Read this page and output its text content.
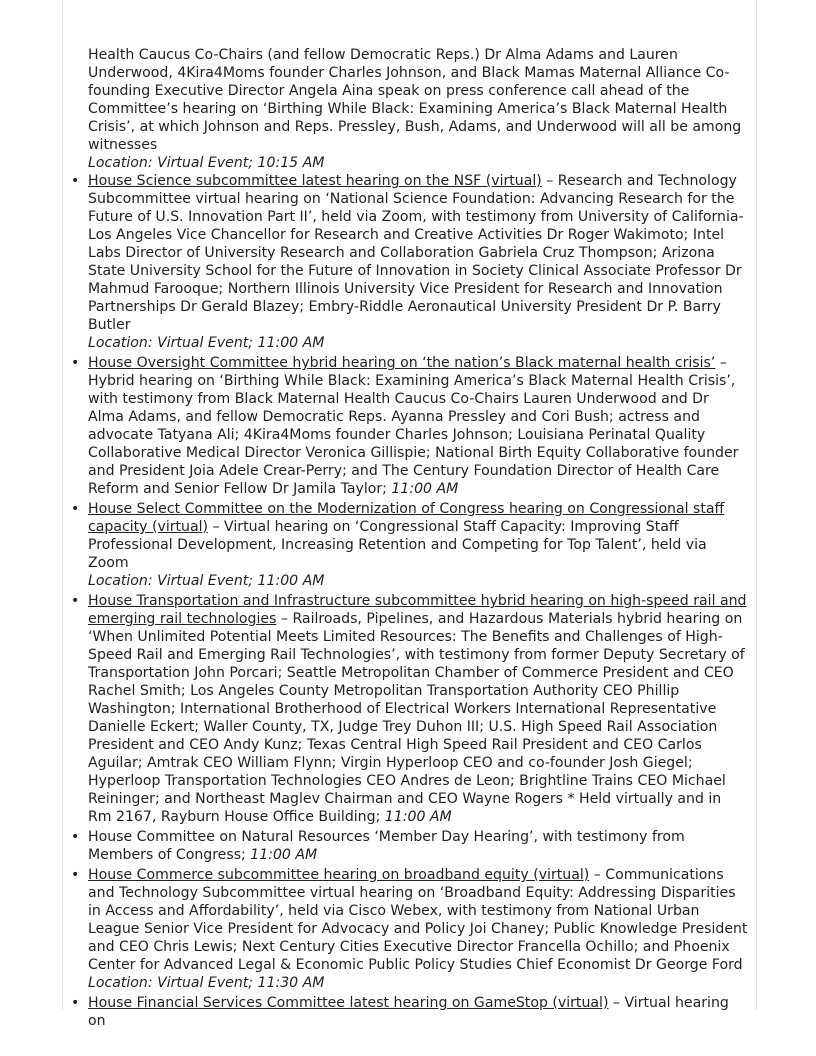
Health Caucus Co-Chairs (and fellow Democratic Reps.) Dr Alma Adams and Lauren Underwood, 4Kira4Moms founder Charles Johnson, and Black Mamas Maternal Alliance Co-founding Executive Director Angela Aina speak on press conference call ahead of the Committee’s hearing on ‘Birthing While Black: Examining America’s Black Maternal Health Crisis’, at which Johnson and Reps. Pressley, Bush, Adams, and Underwood will all be among witnesses

Location: Virtual Event; 10:15 AM

• House Science subcommittee latest hearing on the NSF (virtual) – Research and Technology Subcommittee virtual hearing on ‘National Science Foundation: Advancing Research for the Future of U.S. Innovation Part II’, held via Zoom, with testimony from University of California-Los Angeles Vice Chancellor for Research and Creative Activities Dr Roger Wakimoto; Intel Labs Director of University Research and Collaboration Gabriela Cruz Thompson; Arizona State University School for the Future of Innovation in Society Clinical Associate Professor Dr Mahmud Farooque; Northern Illinois University Vice President for Research and Innovation Partnerships Dr Gerald Blazey; Embry-Riddle Aeronautical University President Dr P. Barry Butler

Location: Virtual Event; 11:00 AM

• House Oversight Committee hybrid hearing on ‘the nation’s Black maternal health crisis’ – Hybrid hearing on ‘Birthing While Black: Examining America’s Black Maternal Health Crisis’, with testimony from Black Maternal Health Caucus Co-Chairs Lauren Underwood and Dr Alma Adams, and fellow Democratic Reps. Ayanna Pressley and Cori Bush; actress and advocate Tatyana Ali; 4Kira4Moms founder Charles Johnson; Louisiana Perinatal Quality Collaborative Medical Director Veronica Gillispie; National Birth Equity Collaborative founder and President Joia Adele Crear-Perry; and The Century Foundation Director of Health Care Reform and Senior Fellow Dr Jamila Taylor; 11:00 AM
• House Select Committee on the Modernization of Congress hearing on Congressional staff capacity (virtual) – Virtual hearing on ‘Congressional Staff Capacity: Improving Staff Professional Development, Increasing Retention and Competing for Top Talent’, held via Zoom

Location: Virtual Event; 11:00 AM

• House Transportation and Infrastructure subcommittee hybrid hearing on high-speed rail and emerging rail technologies – Railroads, Pipelines, and Hazardous Materials hybrid hearing on ‘When Unlimited Potential Meets Limited Resources: The Benefits and Challenges of High-Speed Rail and Emerging Rail Technologies’, with testimony from former Deputy Secretary of Transportation John Porcari; Seattle Metropolitan Chamber of Commerce President and CEO Rachel Smith; Los Angeles County Metropolitan Transportation Authority CEO Phillip Washington; International Brotherhood of Electrical Workers International Representative Danielle Eckert; Waller County, TX, Judge Trey Duhon III; U.S. High Speed Rail Association President and CEO Andy Kunz; Texas Central High Speed Rail President and CEO Carlos Aguilar; Amtrak CEO William Flynn; Virgin Hyperloop CEO and co-founder Josh Giegel; Hyperloop Transportation Technologies CEO Andres de Leon; Brightline Trains CEO Michael Reininger; and Northeast Maglev Chairman and CEO Wayne Rogers * Held virtually and in Rm 2167, Rayburn House Office Building; 11:00 AM
• House Committee on Natural Resources ‘Member Day Hearing’, with testimony from Members of Congress; 11:00 AM
• House Commerce subcommittee hearing on broadband equity (virtual) – Communications and Technology Subcommittee virtual hearing on ‘Broadband Equity: Addressing Disparities in Access and Affordability’, held via Cisco Webex, with testimony from National Urban League Senior Vice President for Advocacy and Policy Joi Chaney; Public Knowledge President and CEO Chris Lewis; Next Century Cities Executive Director Francella Ochillo; and Phoenix Center for Advanced Legal & Economic Public Policy Studies Chief Economist Dr George Ford

Location: Virtual Event; 11:30 AM

• House Financial Services Committee latest hearing on GameStop (virtual) – Virtual hearing on
